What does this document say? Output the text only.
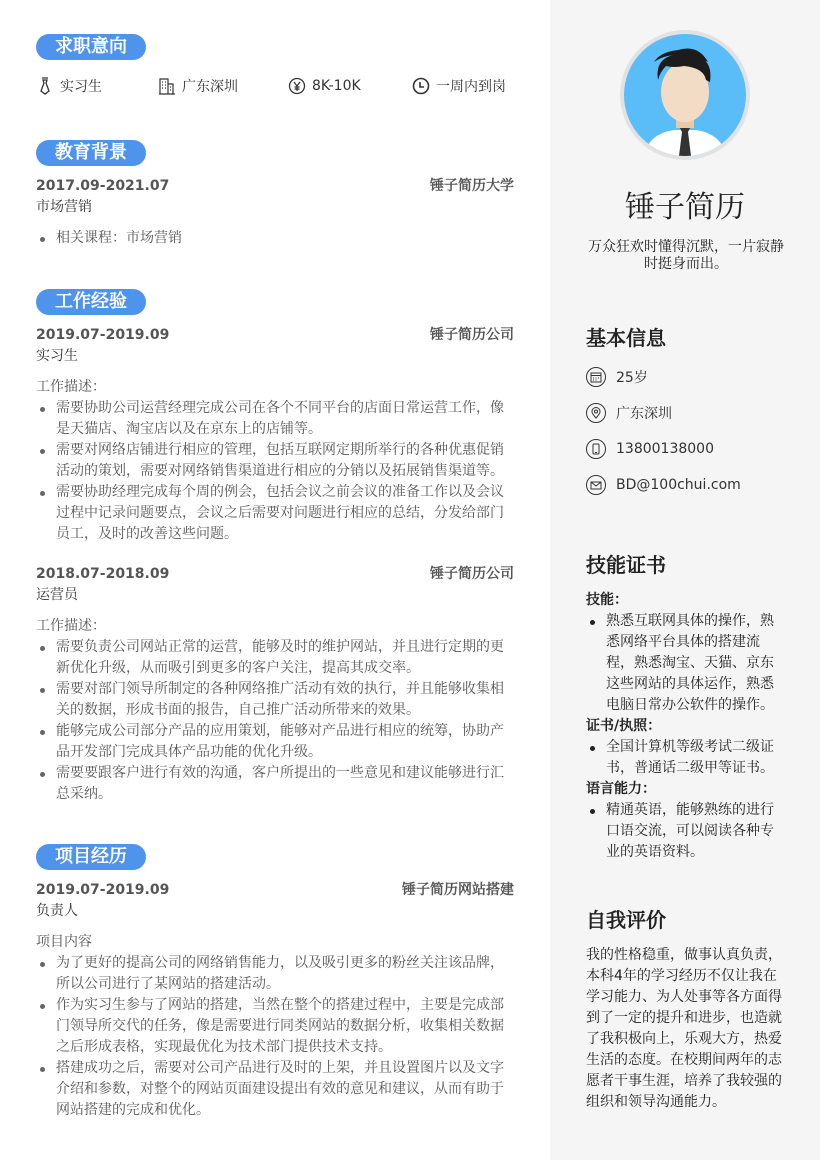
求职意向
实习生	广东深圳	8K-10K	一周内到岗
教育背景
2017.09-2021.07	锤子简历大学
市场营销
相关课程：市场营销
工作经验
2019.07-2019.09	锤子简历公司
实习生
工作描述：
需要协助公司运营经理完成公司在各个不同平台的店面日常运营工作，像是天猫店、淘宝店以及在京东上的店铺等。
需要对网络店铺进行相应的管理，包括互联网定期所举行的各种优惠促销活动的策划，需要对网络销售渠道进行相应的分销以及拓展销售渠道等。
需要协助经理完成每个周的例会，包括会议之前会议的准备工作以及会议过程中记录问题要点，会议之后需要对问题进行相应的总结，分发给部门员工，及时的改善这些问题。
2018.07-2018.09	锤子简历公司
运营员
工作描述：
需要负责公司网站正常的运营，能够及时的维护网站，并且进行定期的更新优化升级，从而吸引到更多的客户关注，提高其成交率。
需要对部门领导所制定的各种网络推广活动有效的执行，并且能够收集相关的数据，形成书面的报告，自己推广活动所带来的效果。
能够完成公司部分产品的应用策划，能够对产品进行相应的统筹，协助产品开发部门完成具体产品功能的优化升级。
需要要跟客户进行有效的沟通，客户所提出的一些意见和建议能够进行汇总采纳。
项目经历
2019.07-2019.09	锤子简历网站搭建
负责人
项目内容
为了更好的提高公司的网络销售能力，以及吸引更多的粉丝关注该品牌，所以公司进行了某网站的搭建活动。
作为实习生参与了网站的搭建，当然在整个的搭建过程中，主要是完成部门领导所交代的任务，像是需要进行同类网站的数据分析，收集相关数据之后形成表格，实现最优化为技术部门提供技术支持。
搭建成功之后，需要对公司产品进行及时的上架，并且设置图片以及文字介绍和参数，对整个的网站页面建设提出有效的意见和建议，从而有助于网站搭建的完成和优化。
锤子简历
万众狂欢时懂得沉默，一片寂静时挺身而出。
基本信息
25岁
广东深圳
13800138000
BD@100chui.com
技能证书
技能：
熟悉互联网具体的操作，熟悉网络平台具体的搭建流程，熟悉淘宝、天猫、京东这些网站的具体运作，熟悉电脑日常办公软件的操作。
证书/执照：
全国计算机等级考试二级证书，普通话二级甲等证书。
语言能力：
精通英语，能够熟练的进行口语交流，可以阅读各种专业的英语资料。
自我评价
我的性格稳重，做事认真负责，本科4年的学习经历不仅让我在学习能力、为人处事等各方面得到了一定的提升和进步，也造就了我积极向上，乐观大方，热爱生活的态度。在校期间两年的志愿者干事生涯，培养了我较强的组织和领导沟通能力。
